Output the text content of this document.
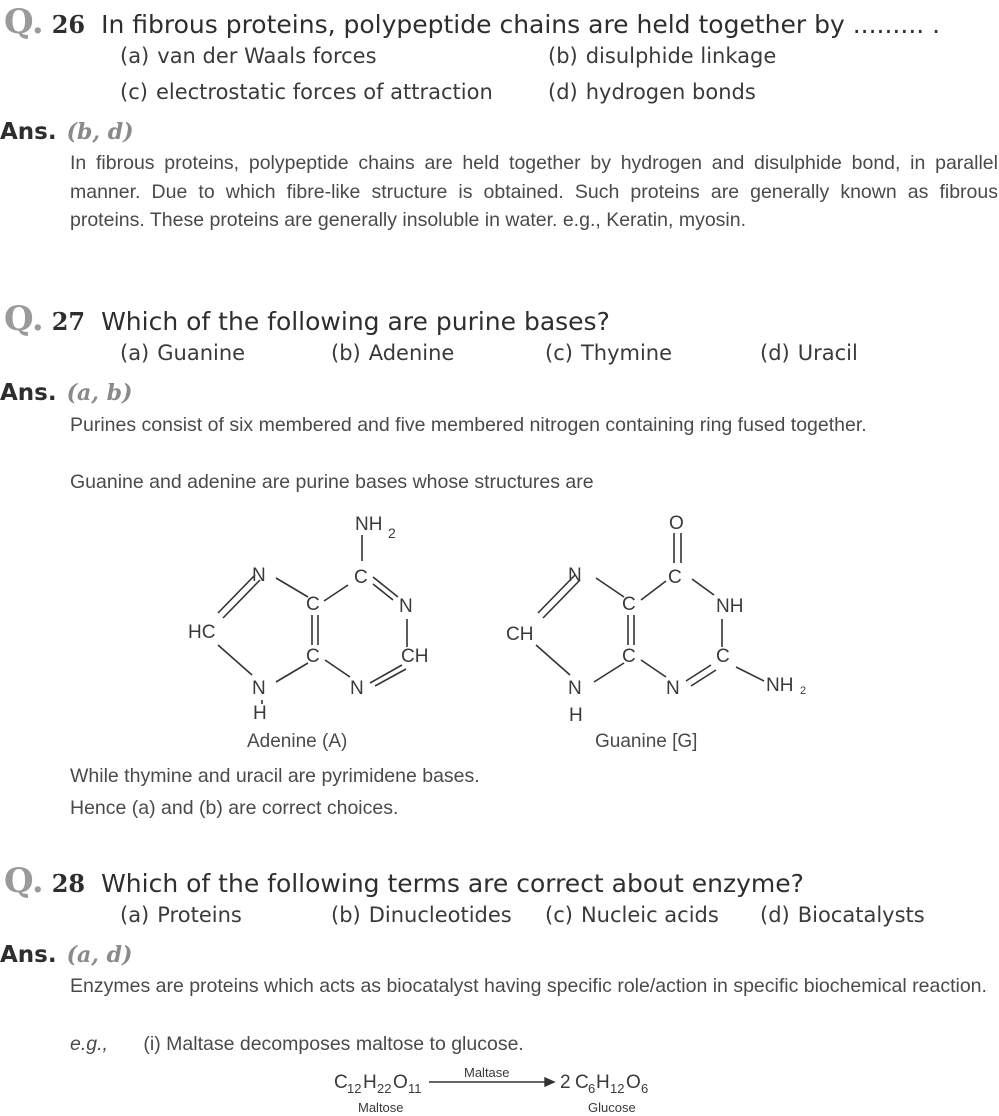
Q. 26 In fibrous proteins, polypeptide chains are held together by ......... .
(a) van der Waals forces	(b) disulphide linkage
(c) electrostatic forces of attraction	(d) hydrogen bonds
Ans. (b, d)

In fibrous proteins, polypeptide chains are held together by hydrogen and disulphide bond, in parallel manner. Due to which fibre-like structure is obtained. Such proteins are generally known as fibrous proteins. These proteins are generally insoluble in water. e.g., Keratin, myosin.

Q. 27 Which of the following are purine bases?
(a) Guanine	(b) Adenine	(c) Thymine	(d) Uracil
Ans. (a, b)

Purines consist of six membered and five membered nitrogen containing ring fused together.

Guanine and adenine are purine bases whose structures are
NH 2
N	C
N
C
C
HC
CH
N	N
H
Adenine (A)
O
N	C
NH
C
C
CH
C
NH 2
N	N
H
Guanine [G]
While thymine and uracil are pyrimidene bases.
Hence (a) and (b) are correct choices.
Q. 28 Which of the following terms are correct about enzyme?
(a) Proteins	(b) Dinucleotides (c) Nucleic acids (d) Biocatalysts
Ans. (a, d)

Enzymes are proteins which acts as biocatalyst having specific role/action in specific biochemical reaction.

e.g., (i) Maltase decomposes maltose to glucose.
C 12 H 22 O 11
Maltose
Maltase	2 C 6 H 12 O 6
Glucose
